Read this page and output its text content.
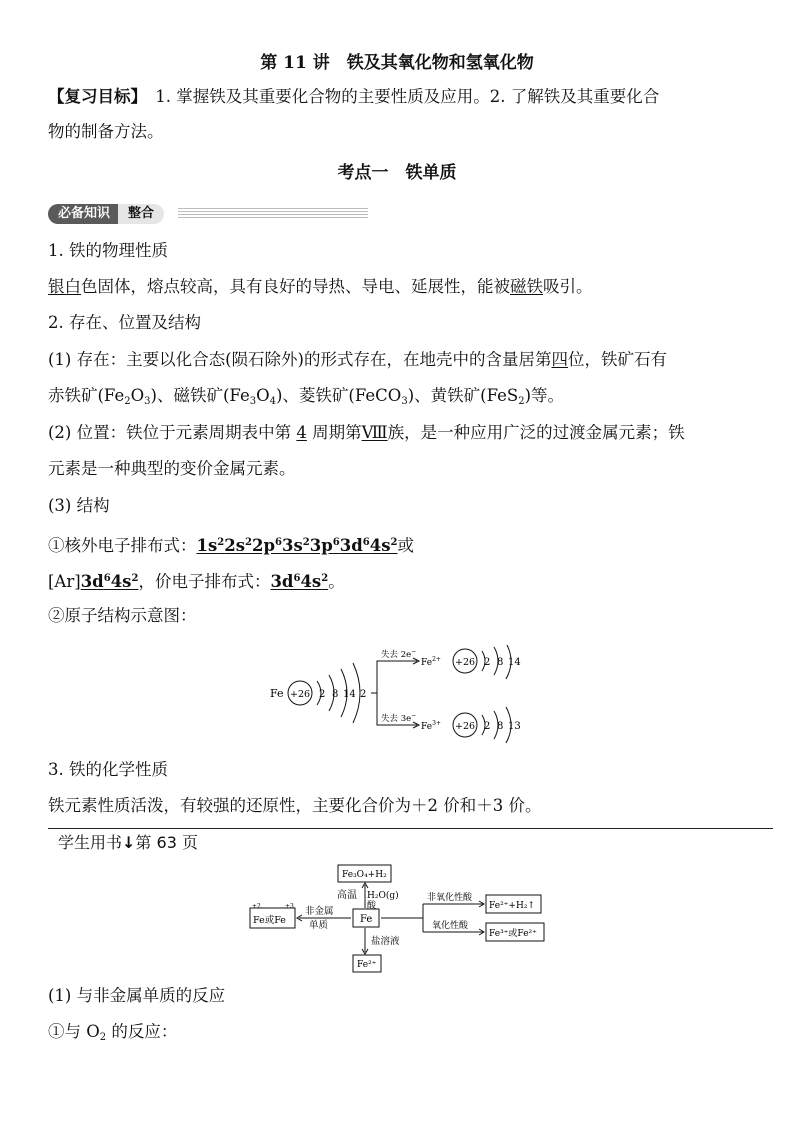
第 11 讲　铁及其氧化物和氢氧化物
【复习目标】　1. 掌握铁及其重要化合物的主要性质及应用。2. 了解铁及其重要化合
物的制备方法。
考点一　铁单质
必备知识	整合
1. 铁的物理性质
银白色固体，熔点较高，具有良好的导热、导电、延展性，能被磁铁吸引。
2. 存在、位置及结构
(1) 存在：主要以化合态(陨石除外)的形式存在，在地壳中的含量居第四位，铁矿石有
赤铁矿$(Fe_2O_3)$、磁铁矿$(Fe_3O_4)$、菱铁矿(FeCO$_3$)、黄铁矿(FeS$_2$)等。
(2) 位置：铁位于元素周期表中第 4 周期第Ⅷ族，是一种应用广泛的过渡金属元素；铁
元素是一种典型的变价金属元素。
(3) 结构
①核外电子排布式：$1s^22s^22p^63s^23p^63d^64s^2$或
$[Ar]3d^64s^2$，价电子排布式：$3d^64s^2$。
②原子结构示意图：
Fe +26 2 8 14 2
失去 2e−
失去 3e−
$Fe^{2+}$
$Fe^{3+}$
+26 2 8 14
+26 2 8 13
3. 铁的化学性质
铁元素性质活泼，有较强的还原性，主要化合价为＋2 价和＋3 价。
学生用书↓第 63 页
Fe₃O₄+H₂
高温 H₂O(g)
Fe
非金属
单质
+2	+3
Fe或Fe
酸
非氧化性酸
氧化性酸
Fe²⁺+H₂↑
Fe³⁺或Fe²⁺
盐溶液
Fe²⁺
(1) 与非金属单质的反应
①与 $O_2$ 的反应：
